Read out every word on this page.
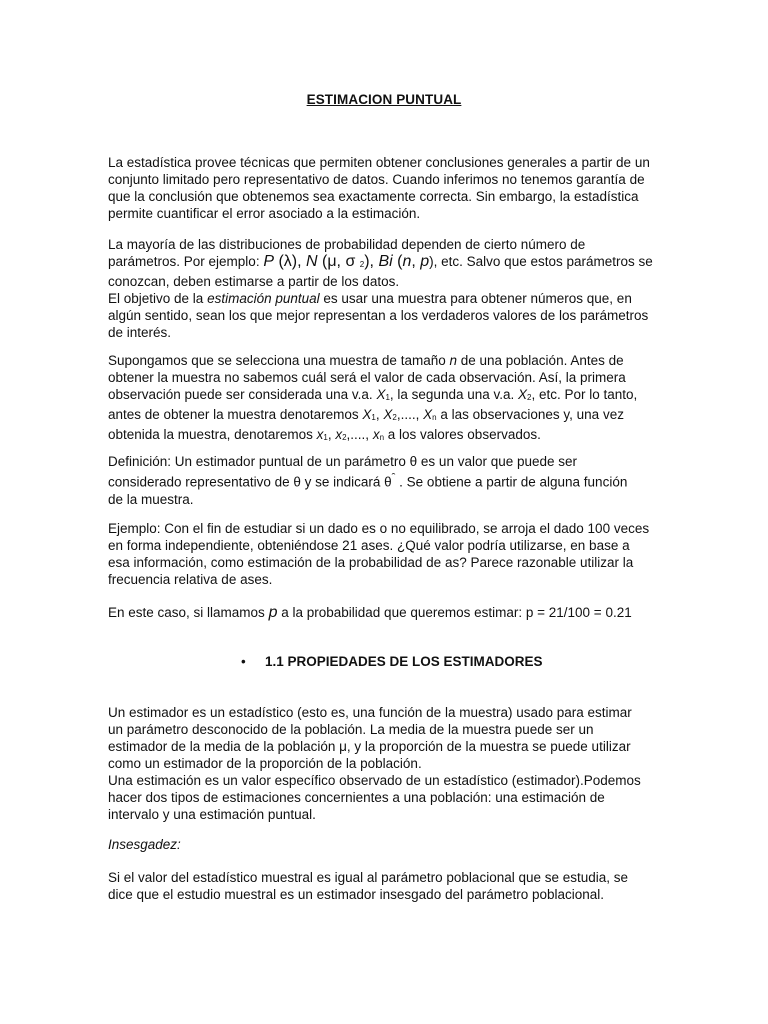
ESTIMACION PUNTUAL
La estadística provee técnicas que permiten obtener conclusiones generales a partir de un
conjunto limitado pero representativo de datos. Cuando inferimos no tenemos garantía de
que la conclusión que obtenemos sea exactamente correcta. Sin embargo, la estadística
permite cuantificar el error asociado a la estimación.
La mayoría de las distribuciones de probabilidad dependen de cierto número de
parámetros. Por ejemplo: P (λ), N (μ, σ $_2$), Bi (n, p), etc. Salvo que estos parámetros se
conozcan, deben estimarse a partir de los datos.
El objetivo de la estimación puntual es usar una muestra para obtener números que, en
algún sentido, sean los que mejor representan a los verdaderos valores de los parámetros
de interés.
Supongamos que se selecciona una muestra de tamaño n de una población. Antes de
obtener la muestra no sabemos cuál será el valor de cada observación. Así, la primera
observación puede ser considerada una v.a. $X_1$, la segunda una v.a. $X_2$, etc. Por lo tanto,
antes de obtener la muestra denotaremos $X_1$, $X_2$,...., $X_n$ a las observaciones y, una vez
obtenida la muestra, denotaremos $x_1$, $x_2$,...., $x_n$ a los valores observados.
Definición: Un estimador puntual de un parámetro θ es un valor que puede ser
considerado representativo de θ y se indicará $\theta^ˆ$ . Se obtiene a partir de alguna función
de la muestra.
Ejemplo: Con el fin de estudiar si un dado es o no equilibrado, se arroja el dado 100 veces
en forma independiente, obteniéndose 21 ases. ¿Qué valor podría utilizarse, en base a
esa información, como estimación de la probabilidad de as? Parece razonable utilizar la
frecuencia relativa de ases.
En este caso, si llamamos p a la probabilidad que queremos estimar: p = 21/100 = 0.21
• 1.1 PROPIEDADES DE LOS ESTIMADORES
Un estimador es un estadístico (esto es, una función de la muestra) usado para estimar
un parámetro desconocido de la población. La media de la muestra puede ser un
estimador de la media de la población μ, y la proporción de la muestra se puede utilizar
como un estimador de la proporción de la población.
Una estimación es un valor específico observado de un estadístico (estimador).Podemos
hacer dos tipos de estimaciones concernientes a una población: una estimación de
intervalo y una estimación puntual.
Insesgadez:
Si el valor del estadístico muestral es igual al parámetro poblacional que se estudia, se
dice que el estudio muestral es un estimador insesgado del parámetro poblacional.
